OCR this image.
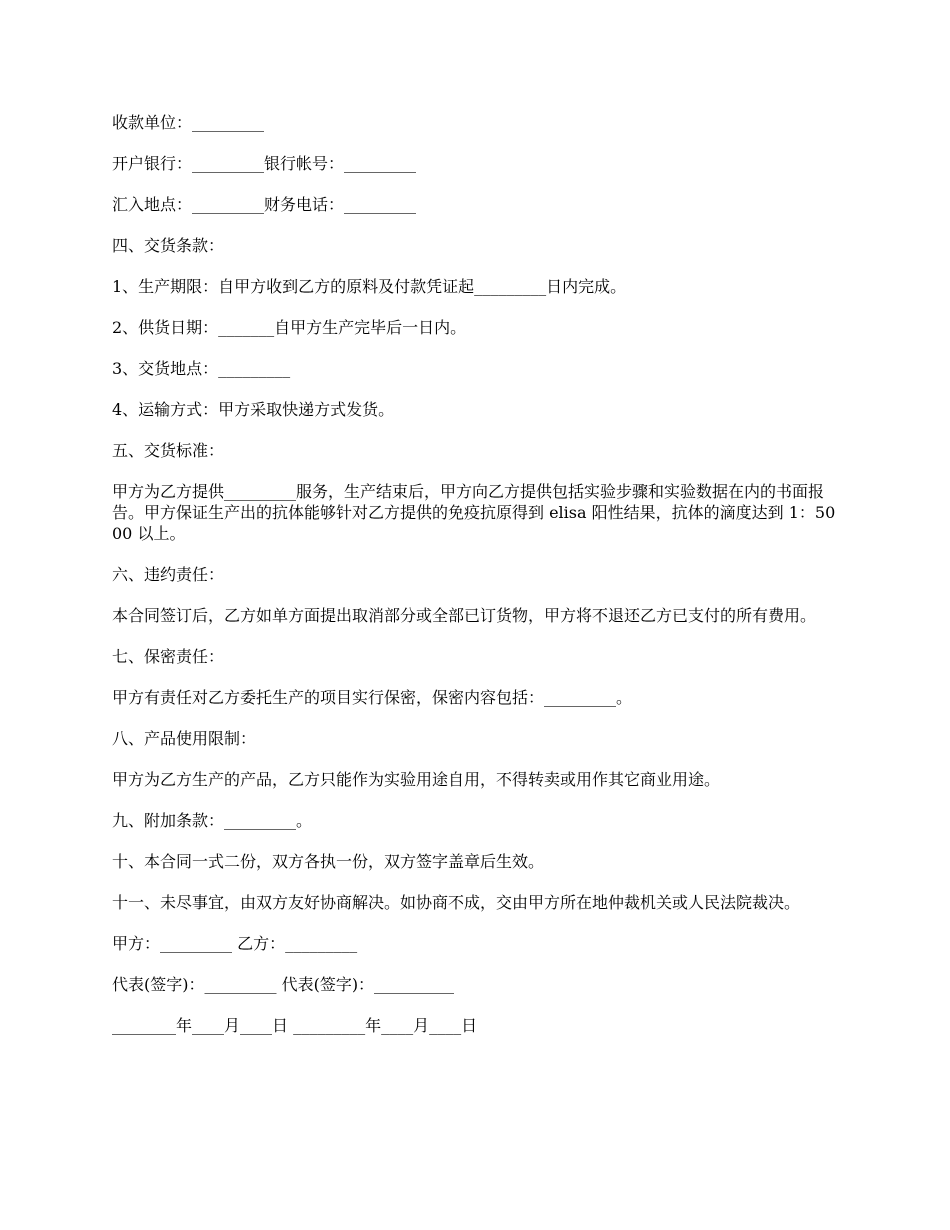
收款单位：_________

开户银行：_________银行帐号：_________

汇入地点：_________财务电话：_________

四、交货条款：

1、生产期限：自甲方收到乙方的原料及付款凭证起_________日内完成。

2、供货日期：_______自甲方生产完毕后一日内。

3、交货地点：_________

4、运输方式：甲方采取快递方式发货。

五、交货标准：

甲方为乙方提供_________服务，生产结束后，甲方向乙方提供包括实验步骤和实验数据在内的书面报告。甲方保证生产出的抗体能够针对乙方提供的免疫抗原得到 elisa 阳性结果，抗体的滴度达到 1：5000 以上。

六、违约责任：

本合同签订后，乙方如单方面提出取消部分或全部已订货物，甲方将不退还乙方已支付的所有费用。

七、保密责任：

甲方有责任对乙方委托生产的项目实行保密，保密内容包括：_________。

八、产品使用限制：

甲方为乙方生产的产品，乙方只能作为实验用途自用，不得转卖或用作其它商业用途。

九、附加条款：_________。

十、本合同一式二份，双方各执一份，双方签字盖章后生效。

十一、未尽事宜，由双方友好协商解决。如协商不成，交由甲方所在地仲裁机关或人民法院裁决。

甲方：_________ 乙方：_________

代表(签字)：_________ 代表(签字)：__________

________年____月____日 _________年____月____日
